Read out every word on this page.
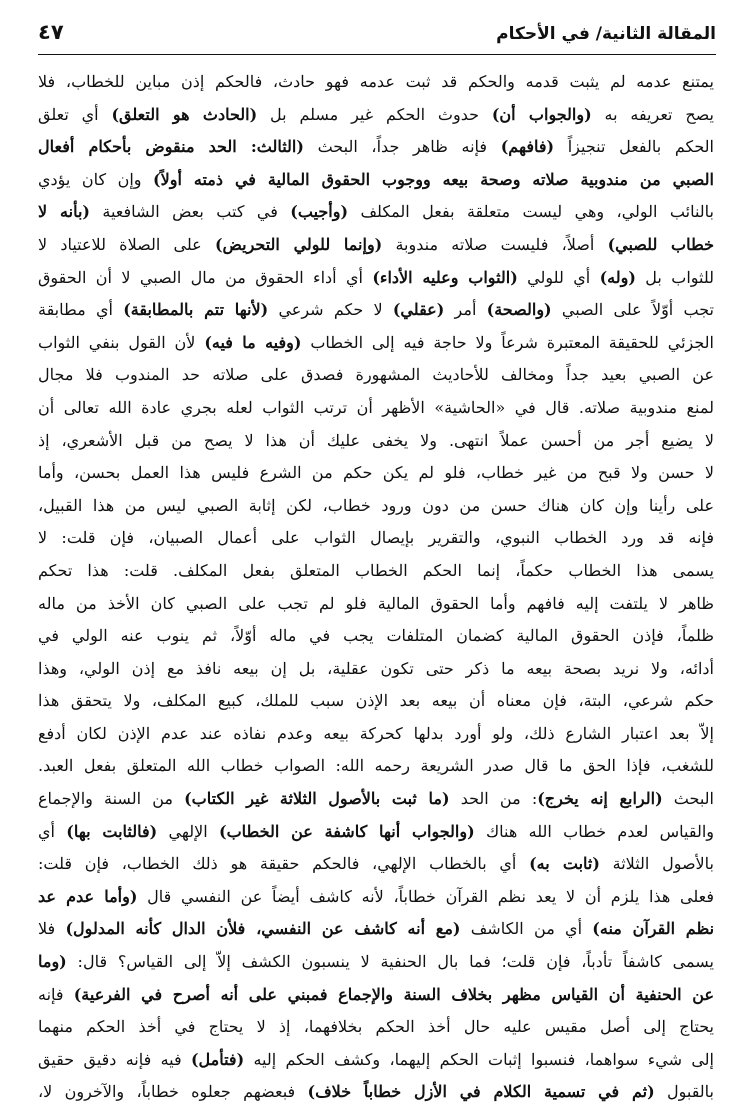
المقالة الثانية/ في الأحكام
٤٧
يمتنع عدمه لم يثبت قدمه والحكم قد ثبت عدمه فهو حادث، فالحكم إذن مباين للخطاب، فلا
يصح تعريفه به (والجواب أن) حدوث الحكم غير مسلم بل (الحادث هو التعلق) أي تعلق
الحكم بالفعل تنجيزاً (فافهم) فإنه ظاهر جداً، البحث (الثالث: الحد منقوض بأحكام أفعال
الصبي من مندوبية صلاته وصحة بيعه ووجوب الحقوق المالية في ذمته أولاً) وإن كان يؤدي
بالنائب الولي، وهي ليست متعلقة بفعل المكلف (وأجيب) في كتب بعض الشافعية (بأنه لا
خطاب للصبي) أصلاً، فليست صلاته مندوبة (وإنما للولي التحريض) على الصلاة للاعتياد لا
للثواب بل (وله) أي للولي (الثواب وعليه الأداء) أي أداء الحقوق من مال الصبي لا أن الحقوق
تجب أوّلاً على الصبي (والصحة) أمر (عقلي) لا حكم شرعي (لأنها تتم بالمطابقة) أي مطابقة
الجزئي للحقيقة المعتبرة شرعاً ولا حاجة فيه إلى الخطاب (وفيه ما فيه) لأن القول بنفي الثواب
عن الصبي بعيد جداً ومخالف للأحاديث المشهورة فصدق على صلاته حد المندوب فلا مجال
لمنع مندوبية صلاته. قال في «الحاشية» الأظهر أن ترتب الثواب لعله بجري عادة الله تعالى أن
لا يضيع أجر من أحسن عملاً انتهى. ولا يخفى عليك أن هذا لا يصح من قبل الأشعري، إذ
لا حسن ولا قبح من غير خطاب، فلو لم يكن حكم من الشرع فليس هذا العمل بحسن، وأما
على رأينا وإن كان هناك حسن من دون ورود خطاب، لكن إثابة الصبي ليس من هذا القبيل،
فإنه قد ورد الخطاب النبوي، والتقرير بإيصال الثواب على أعمال الصبيان، فإن قلت: لا
يسمى هذا الخطاب حكماً، إنما الحكم الخطاب المتعلق بفعل المكلف. قلت: هذا تحكم
ظاهر لا يلتفت إليه فافهم وأما الحقوق المالية فلو لم تجب على الصبي كان الأخذ من ماله
ظلماً، فإذن الحقوق المالية كضمان المتلفات يجب في ماله أوّلاً، ثم ينوب عنه الولي في
أدائه، ولا نريد بصحة بيعه ما ذكر حتى تكون عقلية، بل إن بيعه نافذ مع إذن الولي، وهذا
حكم شرعي، البتة، فإن معناه أن بيعه بعد الإذن سبب للملك، كبيع المكلف، ولا يتحقق هذا
إلاّ بعد اعتبار الشارع ذلك، ولو أورد بدلها كحركة بيعه وعدم نفاذه عند عدم الإذن لكان أدفع
للشغب، فإذا الحق ما قال صدر الشريعة رحمه الله: الصواب خطاب الله المتعلق بفعل العبد.
البحث (الرابع إنه يخرج): من الحد (ما ثبت بالأصول الثلاثة غير الكتاب) من السنة والإجماع
والقياس لعدم خطاب الله هناك (والجواب أنها كاشفة عن الخطاب) الإلهي (فالثابت بها) أي
بالأصول الثلاثة (ثابت به) أي بالخطاب الإلهي، فالحكم حقيقة هو ذلك الخطاب، فإن قلت:
فعلى هذا يلزم أن لا يعد نظم القرآن خطاباً، لأنه كاشف أيضاً عن النفسي قال (وأما عدم عد
نظم القرآن منه) أي من الكاشف (مع أنه كاشف عن النفسي، فلأن الدال كأنه المدلول) فلا
يسمى كاشفاً تأدباً، فإن قلت؛ فما بال الحنفية لا ينسبون الكشف إلاّ إلى القياس؟ قال: (وما
عن الحنفية أن القياس مظهر بخلاف السنة والإجماع فمبني على أنه أصرح في الفرعية) فإنه
يحتاج إلى أصل مقيس عليه حال أخذ الحكم بخلافهما، إذ لا يحتاج في أخذ الحكم منهما
إلى شيء سواهما، فنسبوا إثبات الحكم إليهما، وكشف الحكم إليه (فتأمل) فيه فإنه دقيق حقيق
بالقبول (ثم في تسمية الكلام في الأزل خطاباً خلاف) فبعضهم جعلوه خطاباً، والآخرون لا،
